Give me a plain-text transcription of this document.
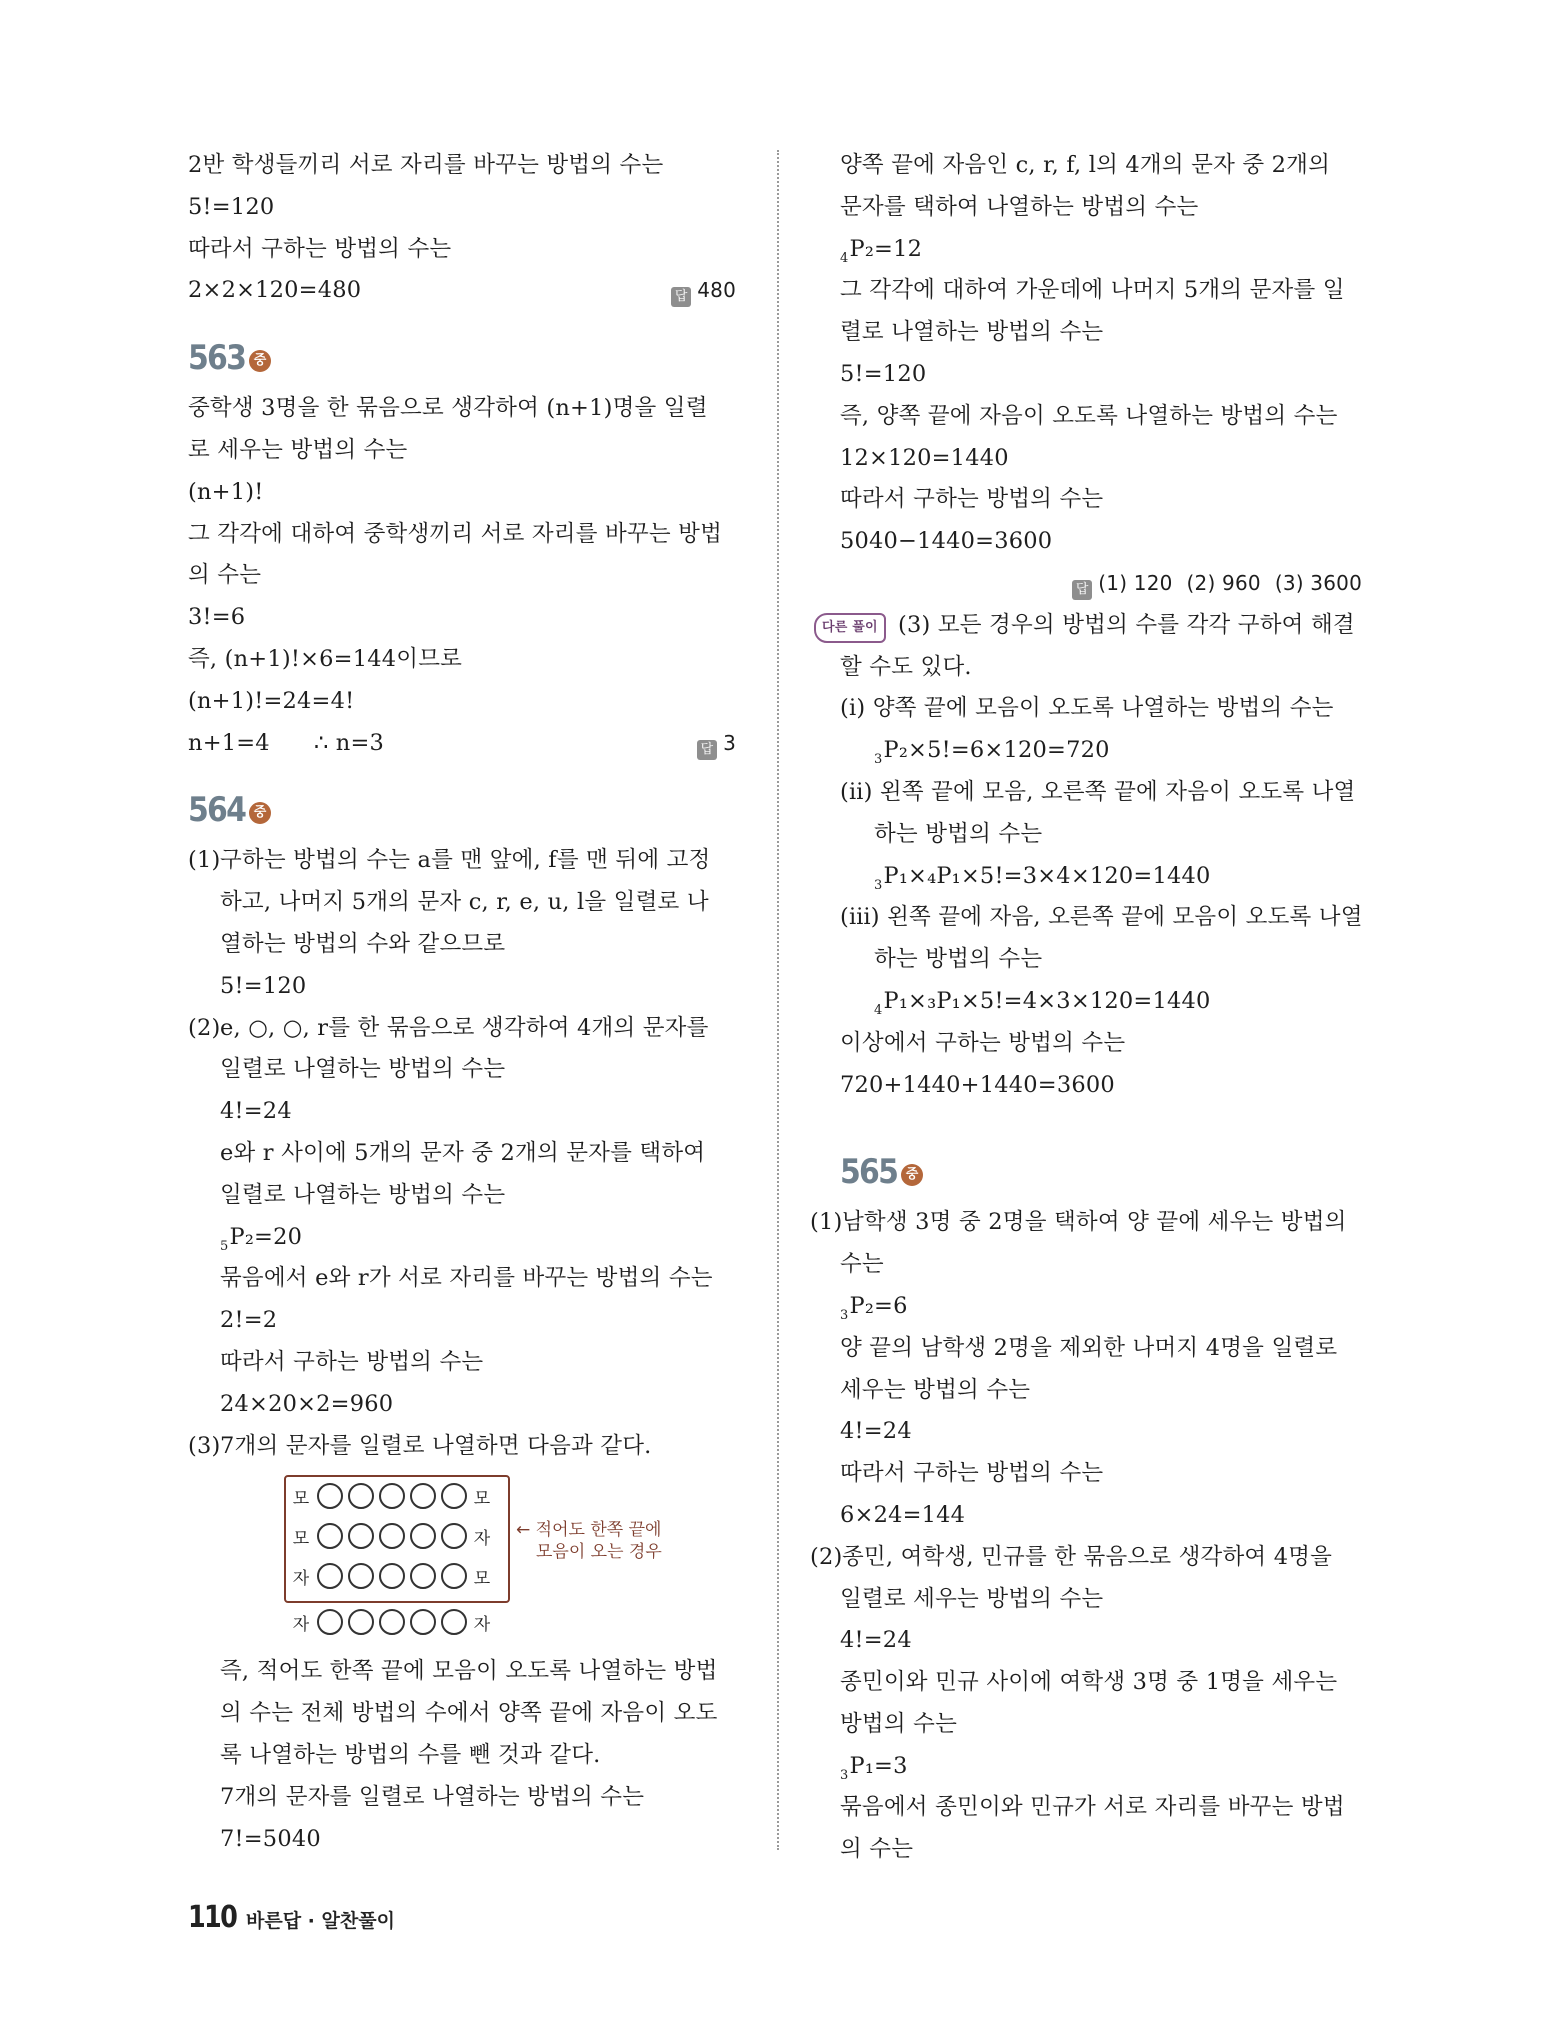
2반 학생들끼리 서로 자리를 바꾸는 방법의 수는
5!=120
따라서 구하는 방법의 수는
2×2×120=480	답 480
563 중
중학생 3명을 한 묶음으로 생각하여 (n+1)명을 일렬
로 세우는 방법의 수는
(n+1)!
그 각각에 대하여 중학생끼리 서로 자리를 바꾸는 방법
의 수는
3!=6
즉, (n+1)!×6=144이므로
(n+1)!=24=4!
n+1=4      ∴ n=3	답 3
564 중
(1) 구하는 방법의 수는 a를 맨 앞에, f를 맨 뒤에 고정
하고, 나머지 5개의 문자 c, r, e, u, l을 일렬로 나
열하는 방법의 수와 같으므로
5!=120
(2) e, ○, ○, r를 한 묶음으로 생각하여 4개의 문자를
일렬로 나열하는 방법의 수는
4!=24
e와 r 사이에 5개의 문자 중 2개의 문자를 택하여
일렬로 나열하는 방법의 수는
$_5$P₂=20
묶음에서 e와 r가 서로 자리를 바꾸는 방법의 수는
2!=2
따라서 구하는 방법의 수는
24×20×2=960
(3) 7개의 문자를 일렬로 나열하면 다음과 같다.
모	모
모	자
자	모
자	자
← 적어도 한쪽 끝에
모음이 오는 경우
즉, 적어도 한쪽 끝에 모음이 오도록 나열하는 방법
의 수는 전체 방법의 수에서 양쪽 끝에 자음이 오도
록 나열하는 방법의 수를 뺀 것과 같다.
7개의 문자를 일렬로 나열하는 방법의 수는
7!=5040
양쪽 끝에 자음인 c, r, f, l의 4개의 문자 중 2개의
문자를 택하여 나열하는 방법의 수는
$_4$P₂=12
그 각각에 대하여 가운데에 나머지 5개의 문자를 일
렬로 나열하는 방법의 수는
5!=120
즉, 양쪽 끝에 자음이 오도록 나열하는 방법의 수는
12×120=1440
따라서 구하는 방법의 수는
5040−1440=3600
답 (1) 120 (2) 960 (3) 3600
다른 풀이 (3) 모든 경우의 방법의 수를 각각 구하여 해결
할 수도 있다.
(ⅰ) 양쪽 끝에 모음이 오도록 나열하는 방법의 수는
$_3$P₂×5!=6×120=720
(ⅱ) 왼쪽 끝에 모음, 오른쪽 끝에 자음이 오도록 나열
하는 방법의 수는
$_3$P₁×₄P₁×5!=3×4×120=1440
(ⅲ) 왼쪽 끝에 자음, 오른쪽 끝에 모음이 오도록 나열
하는 방법의 수는
$_4$P₁×₃P₁×5!=4×3×120=1440
이상에서 구하는 방법의 수는
720+1440+1440=3600
565 중
(1) 남학생 3명 중 2명을 택하여 양 끝에 세우는 방법의
수는
$_3$P₂=6
양 끝의 남학생 2명을 제외한 나머지 4명을 일렬로
세우는 방법의 수는
4!=24
따라서 구하는 방법의 수는
6×24=144
(2) 종민, 여학생, 민규를 한 묶음으로 생각하여 4명을
일렬로 세우는 방법의 수는
4!=24
종민이와 민규 사이에 여학생 3명 중 1명을 세우는
방법의 수는
$_3$P₁=3
묶음에서 종민이와 민규가 서로 자리를 바꾸는 방법
의 수는
110 바른답 · 알찬풀이
